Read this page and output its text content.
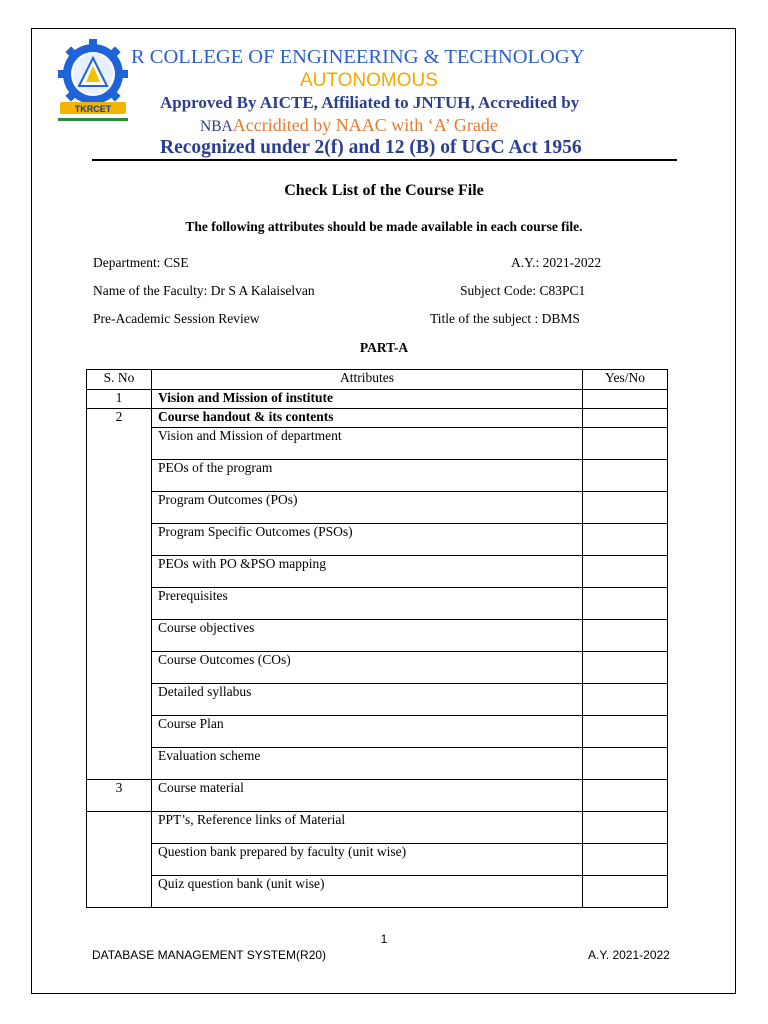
TKRCET
R COLLEGE OF ENGINEERING & TECHNOLOGY
AUTONOMOUS
Approved By AICTE, Affiliated to JNTUH, Accredited by
NBAAccridited by NAAC with ‘A’ Grade
Recognized under 2(f) and 12 (B) of UGC Act 1956
Check List of the Course File
The following attributes should be made available in each course file.
Department: CSE	A.Y.: 2021-2022
Name of the Faculty: Dr S A Kalaiselvan	Subject Code: C83PC1
Pre-Academic Session Review	Title of the subject : DBMS
PART-A
S. No	Attributes	Yes/No
1	Vision and Mission of institute	
2	Course handout & its contents	
	Vision and Mission of department	
	PEOs of the program	
	Program Outcomes (POs)	
	Program Specific Outcomes (PSOs)	
	PEOs with PO &PSO mapping	
	Prerequisites	
	Course objectives	
	Course Outcomes (COs)	
	Detailed syllabus	
	Course Plan	
	Evaluation scheme	
3	Course material	
	PPT’s, Reference links of Material	
	Question bank prepared by faculty (unit wise)	
	Quiz question bank (unit wise)	
1
DATABASE MANAGEMENT SYSTEM(R20)	A.Y. 2021-2022
